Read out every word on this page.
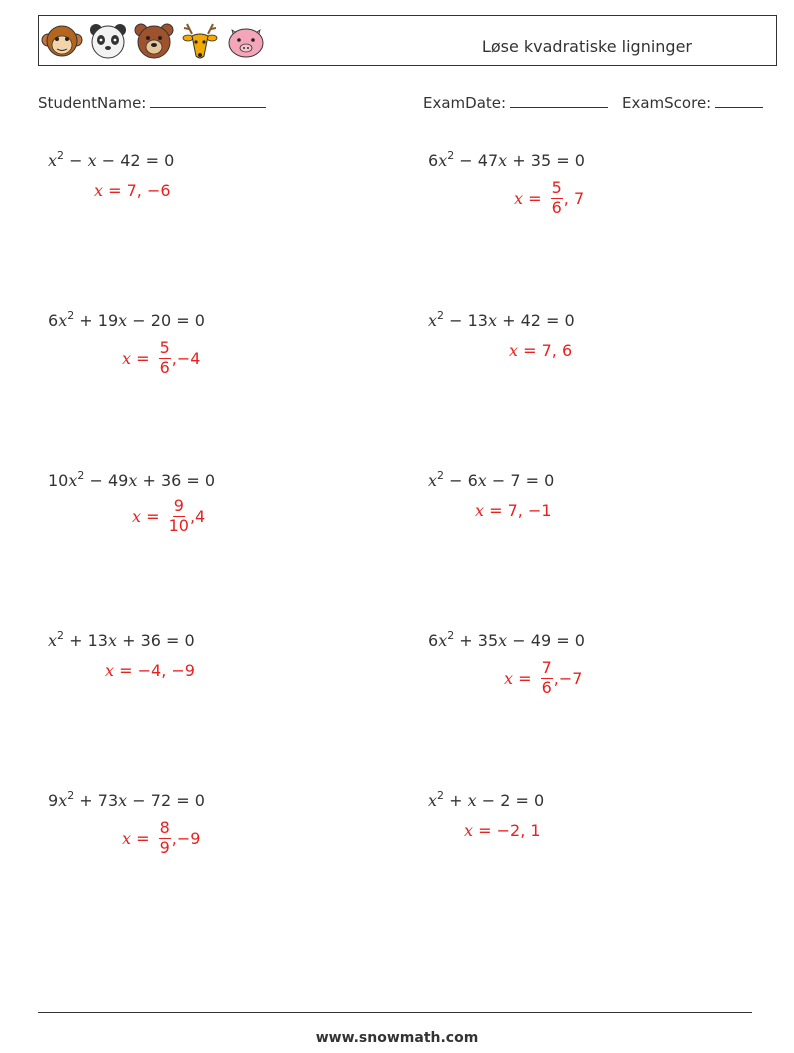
Løse kvadratiske ligninger
StudentName:	ExamDate:	ExamScore:
$x^2 - x - 42 = 0$
x = 7, −6
$6x^2 - 47x + 35 = 0$
$x = \frac{5}{6}$ , 7
$6x^2 + 19x - 20 = 0$
$x = \frac{5}{6} ,-4$
$x^2 - 13x + 42 = 0$
x = 7, 6
$10x^2 - 49x + 36 = 0$
$x = \frac{9}{10} ,4$
$x^2 - 6x - 7 = 0$
x = 7, −1
$x^2 + 13x + 36 = 0$
x = −4, −9
$6x^2 + 35x - 49 = 0$
$x = \frac{7}{6} ,-7$
$9x^2 + 73x - 72 = 0$
$x = \frac{8}{9} ,-9$
$x^2 + x - 2 = 0$
x = −2, 1
www.snowmath.com
